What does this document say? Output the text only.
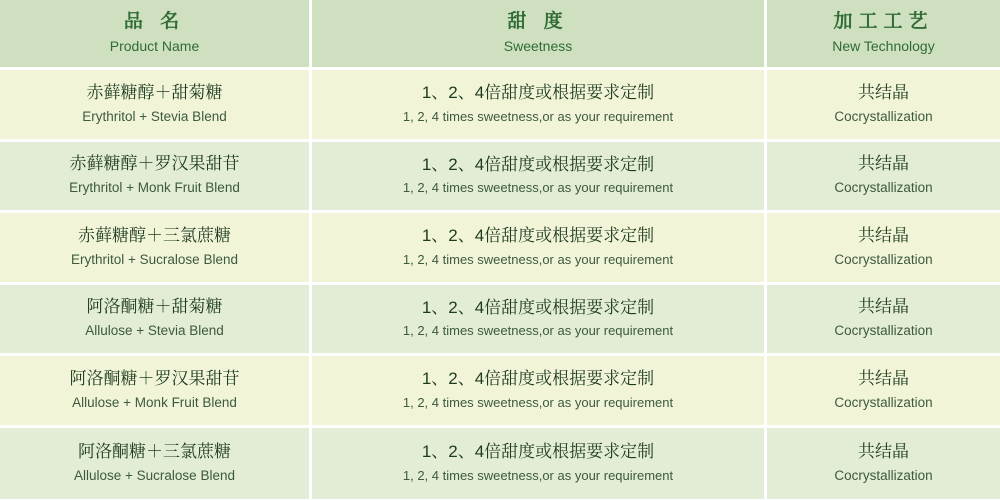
品 名
Product Name
甜 度
Sweetness
加工工艺
New Technology
赤藓糖醇＋甜菊糖
Erythritol + Stevia Blend
1、2、4倍甜度或根据要求定制
1, 2, 4 times sweetness,or as your requirement
共结晶
Cocrystallization
赤藓糖醇＋罗汉果甜苷
Erythritol + Monk Fruit Blend
1、2、4倍甜度或根据要求定制
1, 2, 4 times sweetness,or as your requirement
共结晶
Cocrystallization
赤藓糖醇＋三氯蔗糖
Erythritol + Sucralose Blend
1、2、4倍甜度或根据要求定制
1, 2, 4 times sweetness,or as your requirement
共结晶
Cocrystallization
阿洛酮糖＋甜菊糖
Allulose + Stevia Blend
1、2、4倍甜度或根据要求定制
1, 2, 4 times sweetness,or as your requirement
共结晶
Cocrystallization
阿洛酮糖＋罗汉果甜苷
Allulose + Monk Fruit Blend
1、2、4倍甜度或根据要求定制
1, 2, 4 times sweetness,or as your requirement
共结晶
Cocrystallization
阿洛酮糖＋三氯蔗糖
Allulose + Sucralose Blend
1、2、4倍甜度或根据要求定制
1, 2, 4 times sweetness,or as your requirement
共结晶
Cocrystallization
